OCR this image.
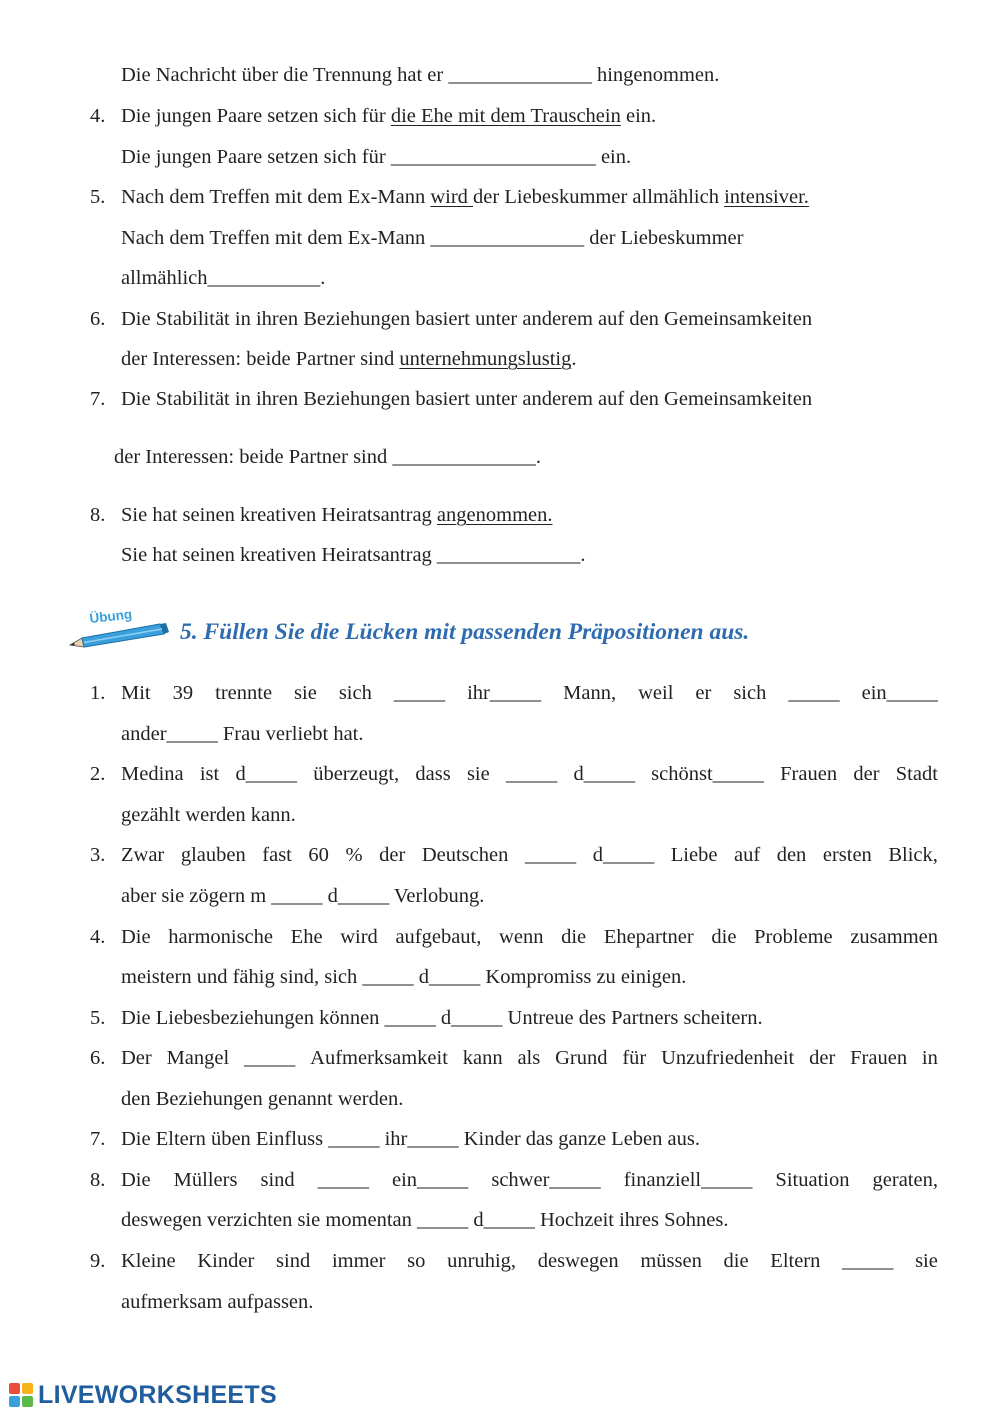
Die Nachricht über die Trennung hat er ______________ hingenommen.
4. Die jungen Paare setzen sich für die Ehe mit dem Trauschein ein.
Die jungen Paare setzen sich für ____________________ ein.
5. Nach dem Treffen mit dem Ex-Mann wird der Liebeskummer allmählich intensiver.
Nach dem Treffen mit dem Ex-Mann _______________ der Liebeskummer
allmählich___________.
6. Die Stabilität in ihren Beziehungen basiert unter anderem auf den Gemeinsamkeiten
der Interessen: beide Partner sind unternehmungslustig.
7. Die Stabilität in ihren Beziehungen basiert unter anderem auf den Gemeinsamkeiten
der Interessen: beide Partner sind ______________.
8. Sie hat seinen kreativen Heiratsantrag angenommen.
Sie hat seinen kreativen Heiratsantrag ______________.
Übung
5. Füllen Sie die Lücken mit passenden Präpositionen aus.
1. Mit 39 trennte sie sich _____ ihr_____ Mann, weil er sich _____ ein_____
ander_____ Frau verliebt hat.
2. Medina ist d_____ überzeugt, dass sie _____ d_____ schönst_____ Frauen der Stadt
gezählt werden kann.
3. Zwar glauben fast 60 % der Deutschen _____ d_____ Liebe auf den ersten Blick,
aber sie zögern m _____ d_____ Verlobung.
4. Die harmonische Ehe wird aufgebaut, wenn die Ehepartner die Probleme zusammen
meistern und fähig sind, sich _____ d_____ Kompromiss zu einigen.
5. Die Liebesbeziehungen können _____ d_____ Untreue des Partners scheitern.
6. Der Mangel _____ Aufmerksamkeit kann als Grund für Unzufriedenheit der Frauen in
den Beziehungen genannt werden.
7. Die Eltern üben Einfluss _____ ihr_____ Kinder das ganze Leben aus.
8. Die Müllers sind _____ ein_____ schwer_____ finanziell_____ Situation geraten,
deswegen verzichten sie momentan _____ d_____ Hochzeit ihres Sohnes.
9. Kleine Kinder sind immer so unruhig, deswegen müssen die Eltern _____ sie
aufmerksam aufpassen.
LIVEWORKSHEETS
